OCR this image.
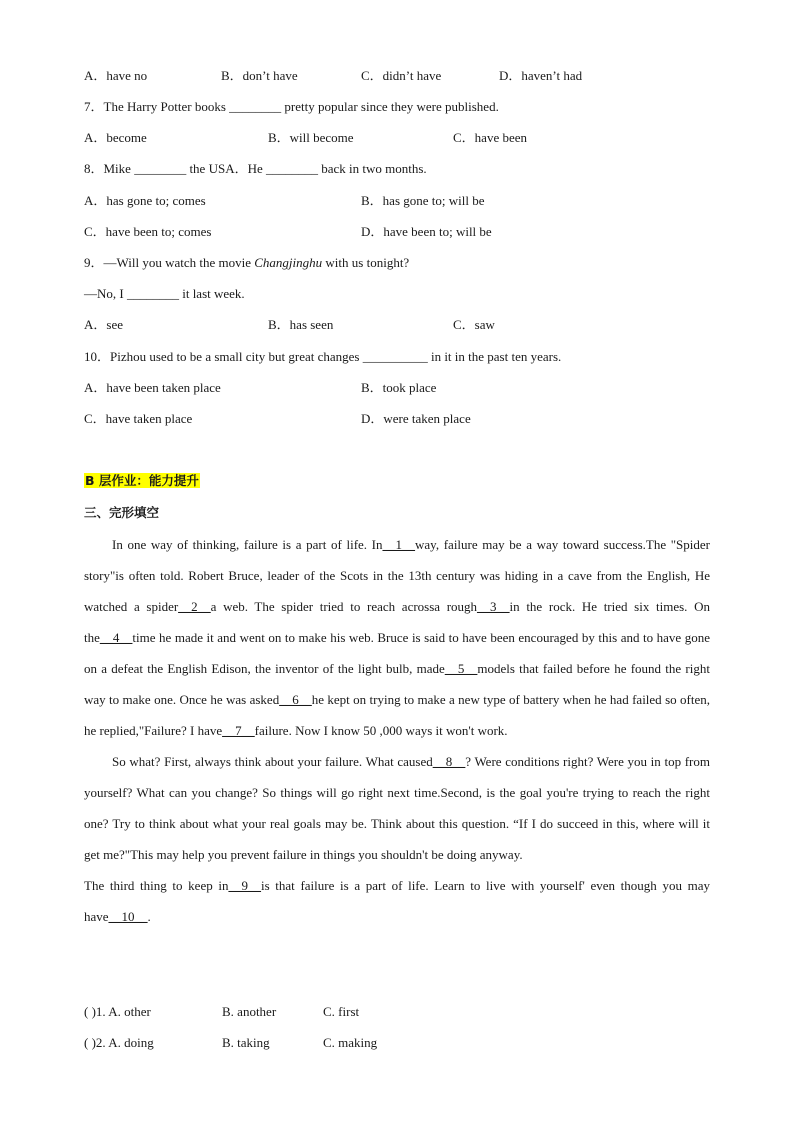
A．have no	B．don’t have	C．didn’t have	D．haven’t had
7．The Harry Potter books ________ pretty popular since they were published.
A．become	B．will become	C．have been
8．Mike ________ the USA．He ________ back in two months.
A．has gone to; comes	B．has gone to; will be
C．have been to; comes	D．have been to; will be
9．—Will you watch the movie Changjinghu with us tonight?
—No, I ________ it last week.
A．see	B．has seen	C．saw
10．Pizhou used to be a small city but great changes __________ in it in the past ten years.
A．have been taken place	B．took place
C．have taken place	D．were taken place
B 层作业：能力提升
三、完形填空

In one way of thinking, failure is a part of life. In__1__way, failure may be a way toward success.The "Spider story"is often told. Robert Bruce, leader of the Scots in the 13th century was hiding in a cave from the English, He watched a spider__2__a web. The spider tried to reach acrossa rough__3__in the rock. He tried six times. On the__4__time he made it and went on to make his web. Bruce is said to have been encouraged by this and to have gone on a defeat the English Edison, the inventor of the light bulb, made__5__models that failed before he found the right way to make one. Once he was asked__6__he kept on trying to make a new type of battery when he had failed so often, he replied,"Failure? I have__7__failure. Now I know 50 ,000 ways it won't work.

So what? First, always think about your failure. What caused__8__? Were conditions right? Were you in top from yourself? What can you change? So things will go right next time.Second, is the goal you're trying to reach the right one? Try to think about what your real goals may be. Think about this question. “If I do succeed in this, where will it get me?"This may help you prevent failure in things you shouldn't be doing anyway.

The third thing to keep in__9__is that failure is a part of life. Learn to live with yourself' even though you may have__10__.

( )1. A. other	B. another	C. first
( )2. A. doing	B. taking	C. making
